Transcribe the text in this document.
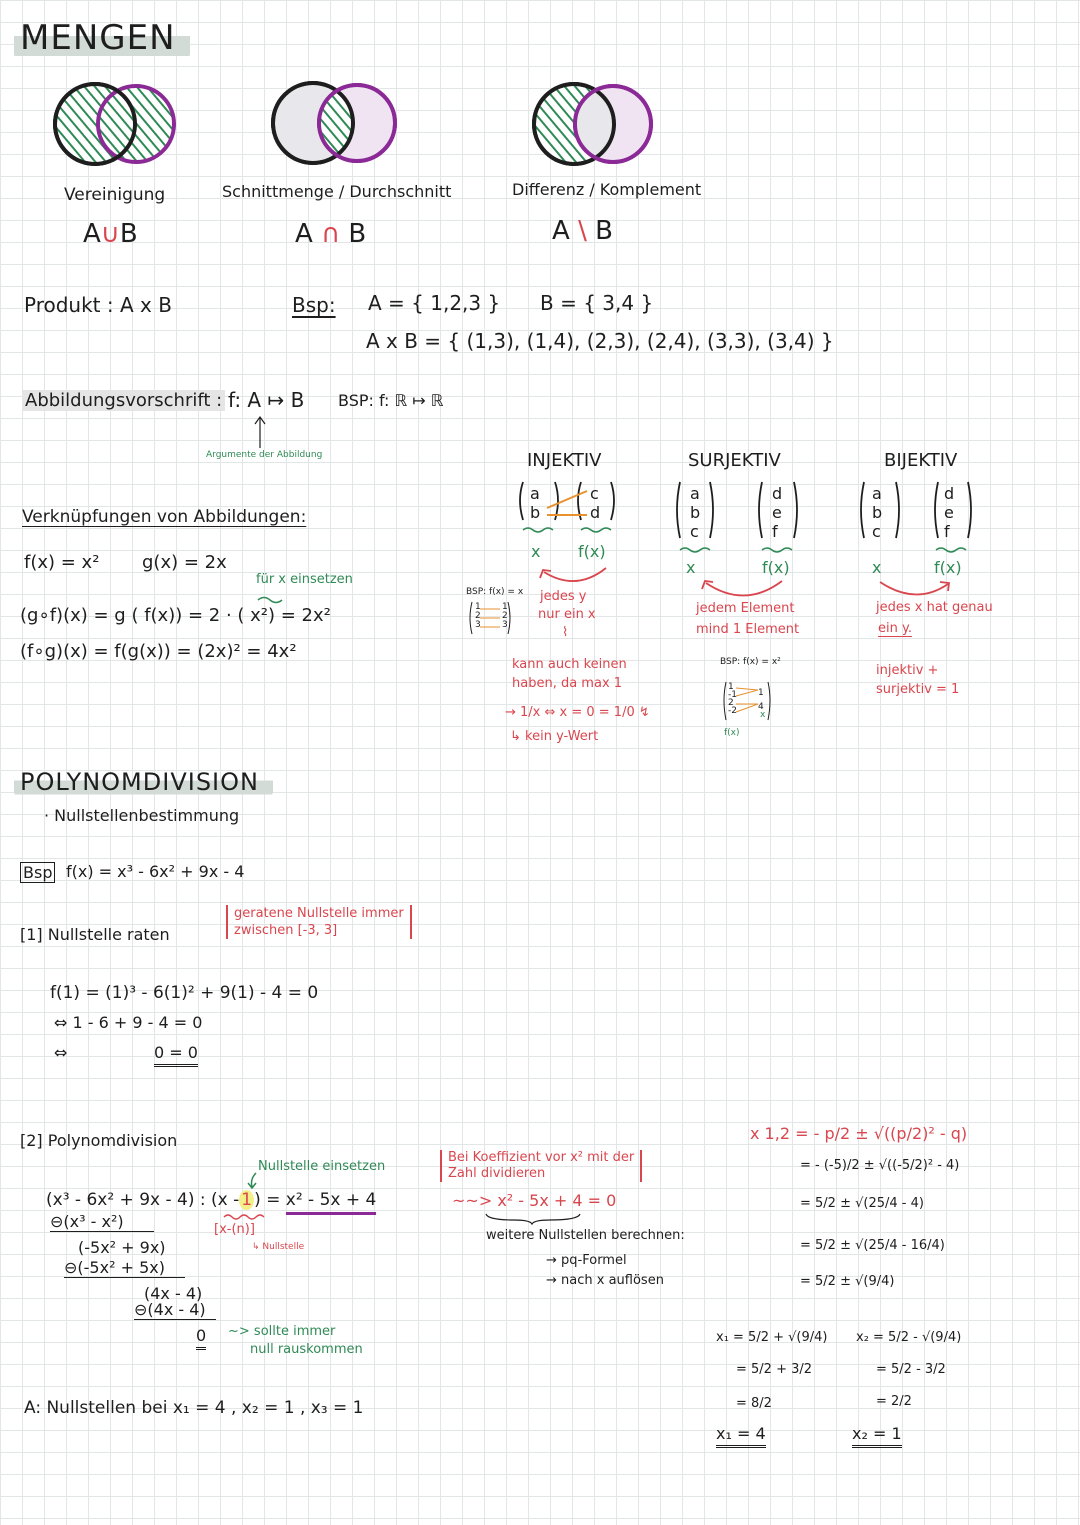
MENGEN
Vereinigung	Schnittmenge / Durchschnitt	Differenz / Komplement
A∪B	A ∩ B	A \ B
Produkt : A x B	Bsp: A = { 1,2,3 } B = { 3,4 }
A x B = { (1,3), (1,4), (2,3), (2,4), (3,3), (3,4) }
Abbildungsvorschrift : f: A ↦ B BSP: f: ℝ ↦ ℝ
Argumente der Abbildung
Verknüpfungen von Abbildungen:
f(x) = x² g(x) = 2x
für x einsetzen
(g∘f)(x) = g ( f(x)) = 2 · ( x²) = 2x²
(f∘g)(x) = f(g(x)) = (2x)² = 4x²
INJEKTIV
a
b
c
d
x f(x)
BSP: f(x) = x
1
2
3
1
2
3
jedes y
nur ein x
⌇
kann auch keinen
haben, da max 1
→ 1/x ⇔ x = 0 = 1/0 ↯
↳ kein y-Wert
SURJEKTIV
a
b
c
d
e
f
x	f(x)
jedem Element
mind 1 Element
BSP: f(x) = x²
1
-1
2
-2
1
4
f(x)
x
BIJEKTIV
a
b
c
d
e
f
x	f(x)
jedes x hat genau
ein y.
injektiv +
surjektiv = 1
POLYNOMDIVISION
· Nullstellenbestimmung
Bsp f(x) = x³ - 6x² + 9x - 4
[1] Nullstelle raten
geratene Nullstelle immer
zwischen [-3, 3]
f(1) = (1)³ - 6(1)² + 9(1) - 4 = 0
⇔ 1 - 6 + 9 - 4 = 0
⇔	0 = 0
[2] Polynomdivision
Nullstelle einsetzen
(x³ - 6x² + 9x - 4) : (x - 1 ) = x² - 5x + 4
[x-(n)]
↳ Nullstelle
⊖(x³ - x²)
(-5x² + 9x)
⊖(-5x² + 5x)
(4x - 4)
⊖(4x - 4)
0 ~> sollte immer
null rauskommen
Bei Koeffizient vor x² mit der
Zahl dividieren
~~> x² - 5x + 4 = 0
weitere Nullstellen berechnen:
→ pq-Formel
→ nach x auflösen
x 1,2 = - p/2 ± √((p/2)² - q)
= - (-5)/2 ± √((-5/2)² - 4)
= 5/2 ± √(25/4 - 4)
= 5/2 ± √(25/4 - 16/4)
= 5/2 ± √(9/4)
x₁ = 5/2 + √(9/4)
= 5/2 + 3/2
= 8/2
x₁ = 4
x₂ = 5/2 - √(9/4)
= 5/2 - 3/2
= 2/2
x₂ = 1
A: Nullstellen bei x₁ = 4 , x₂ = 1 , x₃ = 1
